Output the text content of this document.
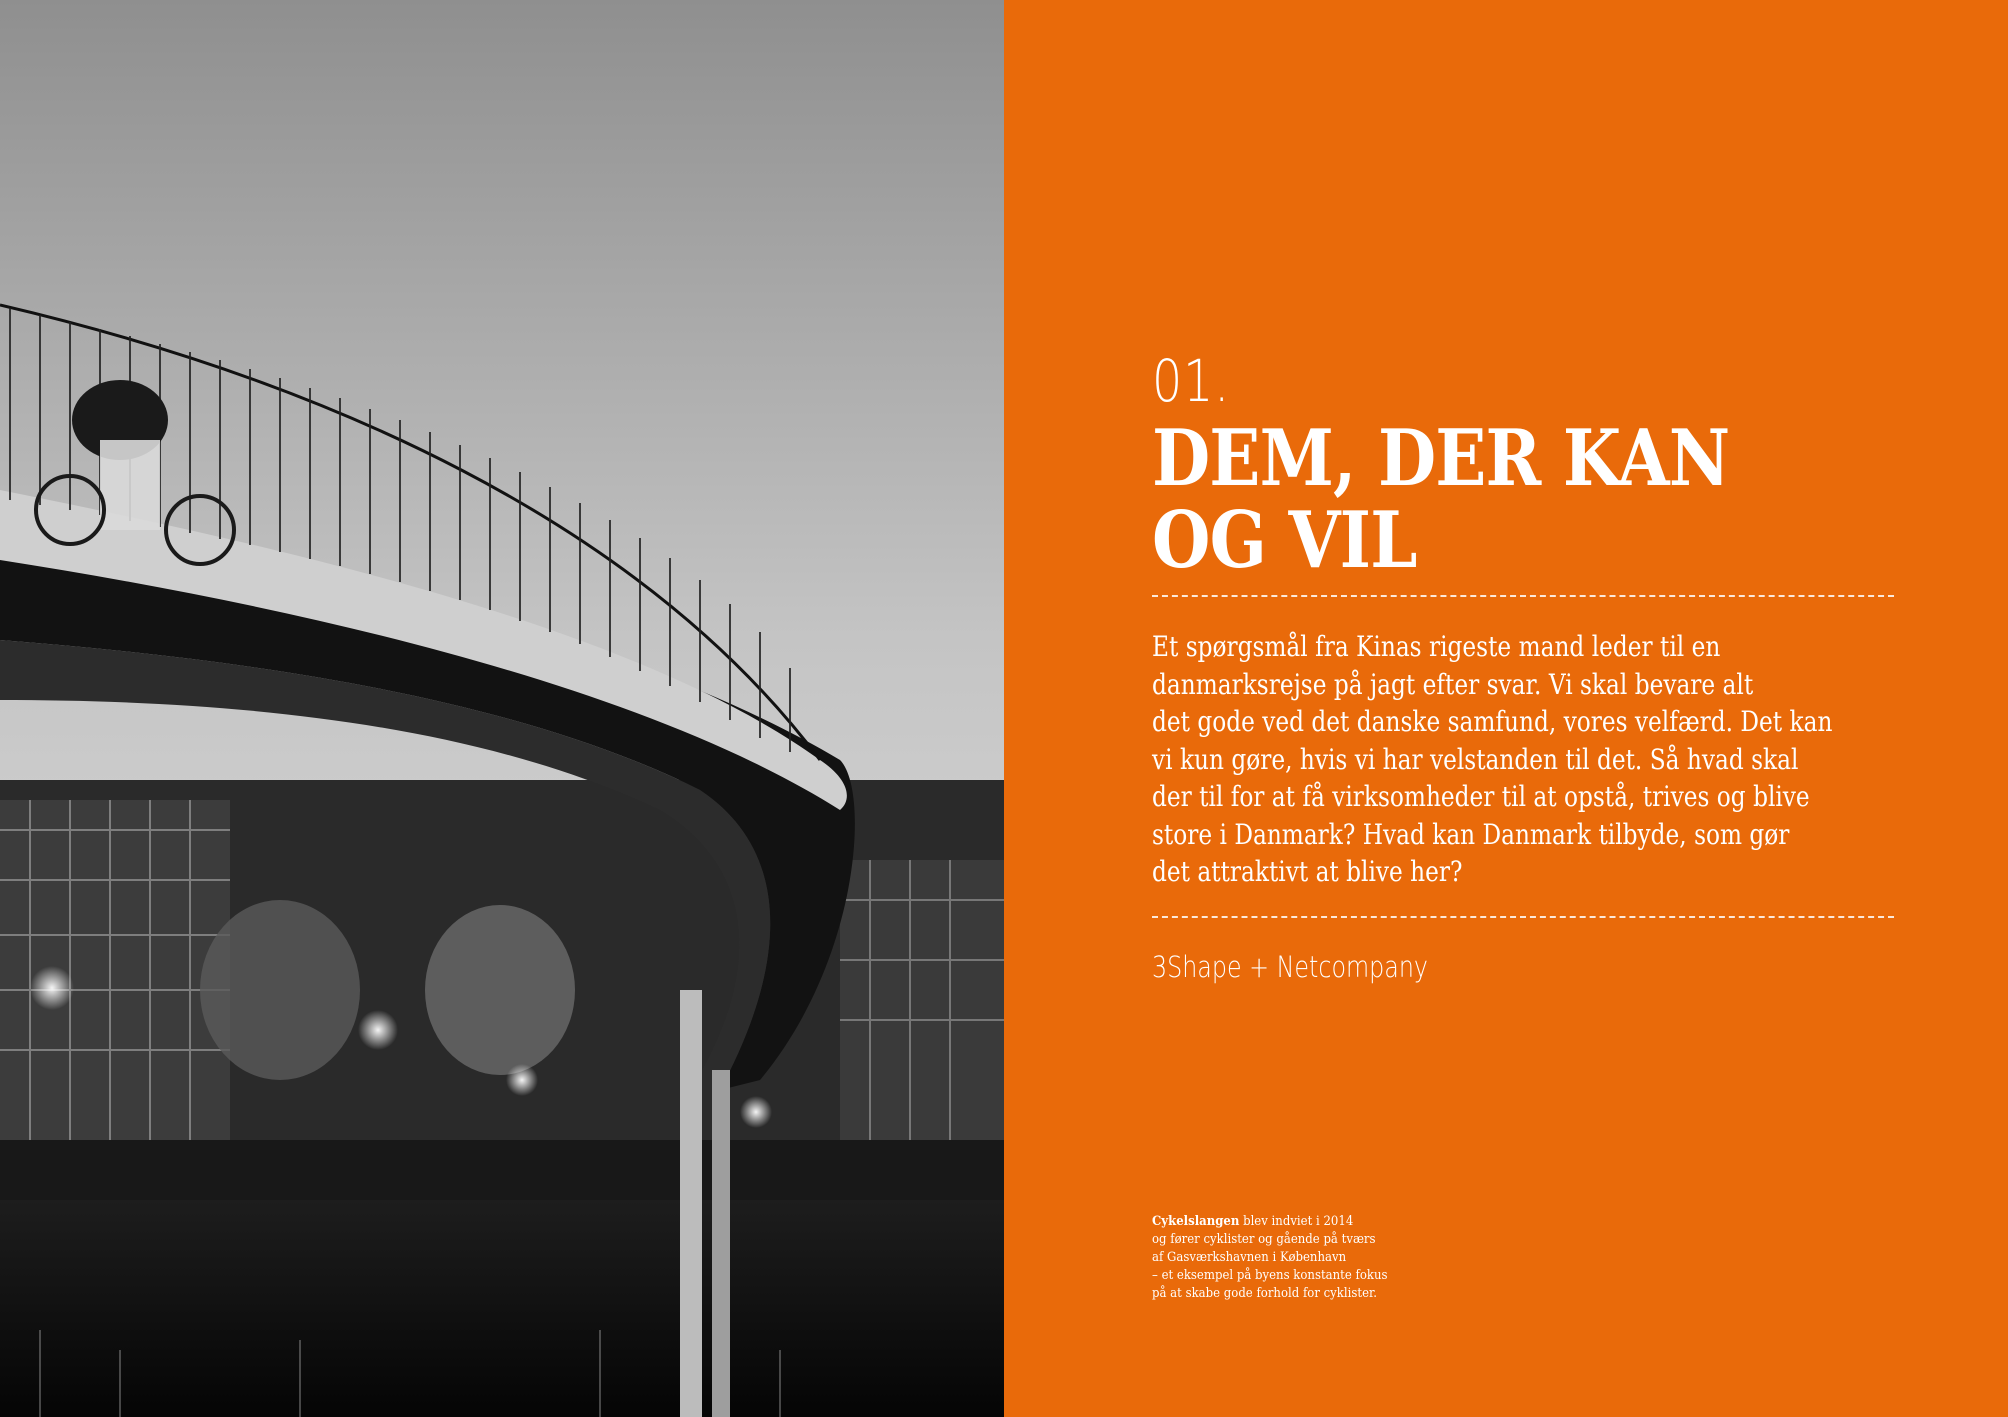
01.
DEM, DER KAN
OG VIL
Et spørgsmål fra Kinas rigeste mand leder til en
danmarksrejse på jagt efter svar. Vi skal bevare alt
det gode ved det danske samfund, vores velfærd. Det kan
vi kun gøre, hvis vi har velstanden til det. Så hvad skal
der til for at få virksomheder til at opstå, trives og blive
store i Danmark? Hvad kan Danmark tilbyde, som gør
det attraktivt at blive her?
3Shape + Netcompany
Cykelslangen blev indviet i 2014
og fører cyklister og gående på tværs
af Gasværkshavnen i København
– et eksempel på byens konstante fokus
på at skabe gode forhold for cyklister.
